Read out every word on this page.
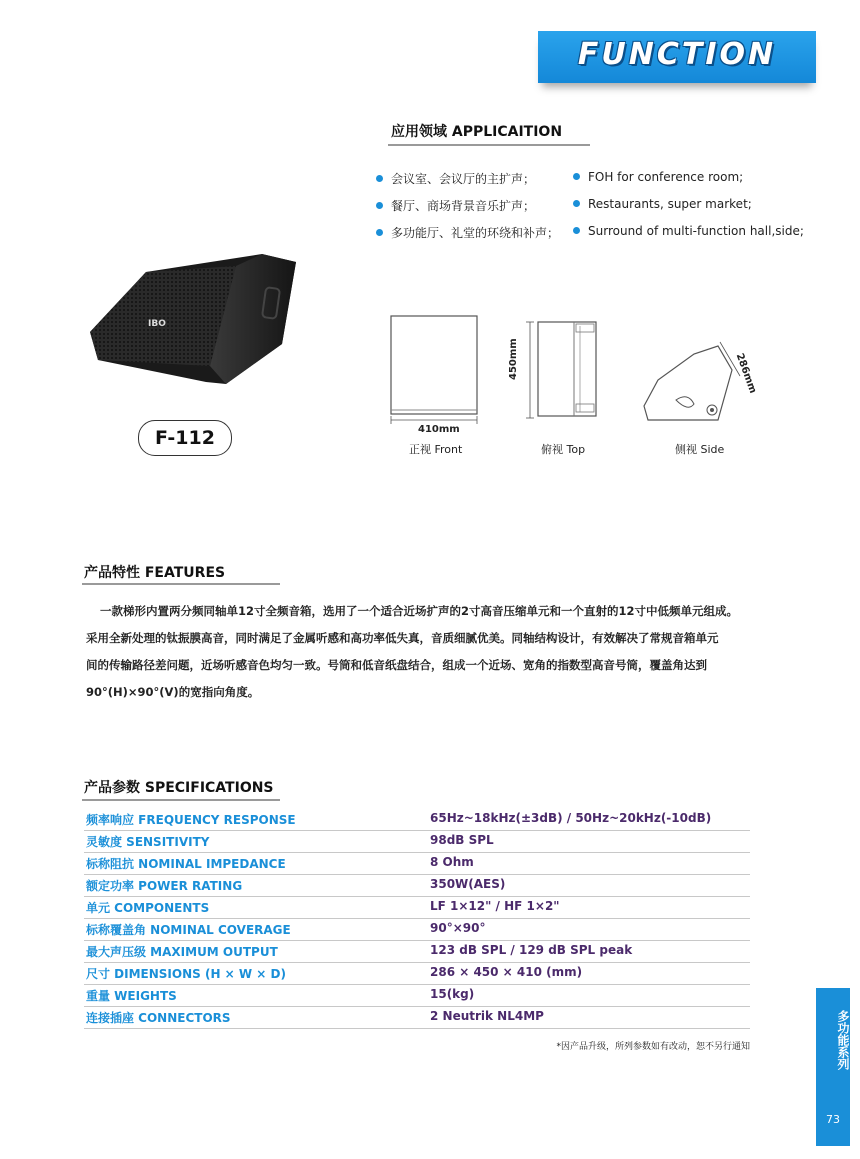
FUNCTION
应用领域 APPLICAITION
会议室、会议厅的主扩声；
餐厅、商场背景音乐扩声；
多功能厅、礼堂的环绕和补声；
FOH for conference room;
Restaurants, super market;
Surround of multi-function hall,side;
IBO
F-112	410mm
450mm	286mm
正视 Front	俯视 Top	侧视 Side
产品特性 FEATURES

一款梯形内置两分频同轴单12寸全频音箱，选用了一个适合近场扩声的2寸高音压缩单元和一个直射的12寸中低频单元组成。

采用全新处理的钛振膜高音，同时满足了金属听感和高功率低失真，音质细腻优美。同轴结构设计，有效解决了常规音箱单元

间的传输路径差问题，近场听感音色均匀一致。号筒和低音纸盘结合，组成一个近场、宽角的指数型高音号筒，覆盖角达到

90°(H)×90°(V)的宽指向角度。

产品参数 SPECIFICATIONS
频率响应 FREQUENCY RESPONSE	65Hz~18kHz(±3dB) / 50Hz~20kHz(-10dB)
灵敏度 SENSITIVITY	98dB SPL
标称阻抗 NOMINAL IMPEDANCE	8 Ohm
额定功率 POWER RATING	350W(AES)
单元 COMPONENTS	LF 1×12" / HF 1×2"
标称覆盖角 NOMINAL COVERAGE	90°×90°
最大声压级 MAXIMUM OUTPUT	123 dB SPL / 129 dB SPL peak
尺寸 DIMENSIONS (H × W × D)	286 × 450 × 410 (mm)
重量 WEIGHTS	15(kg)
连接插座 CONNECTORS	2 Neutrik NL4MP
*因产品升级，所列参数如有改动，恕不另行通知	多功能系列
73
